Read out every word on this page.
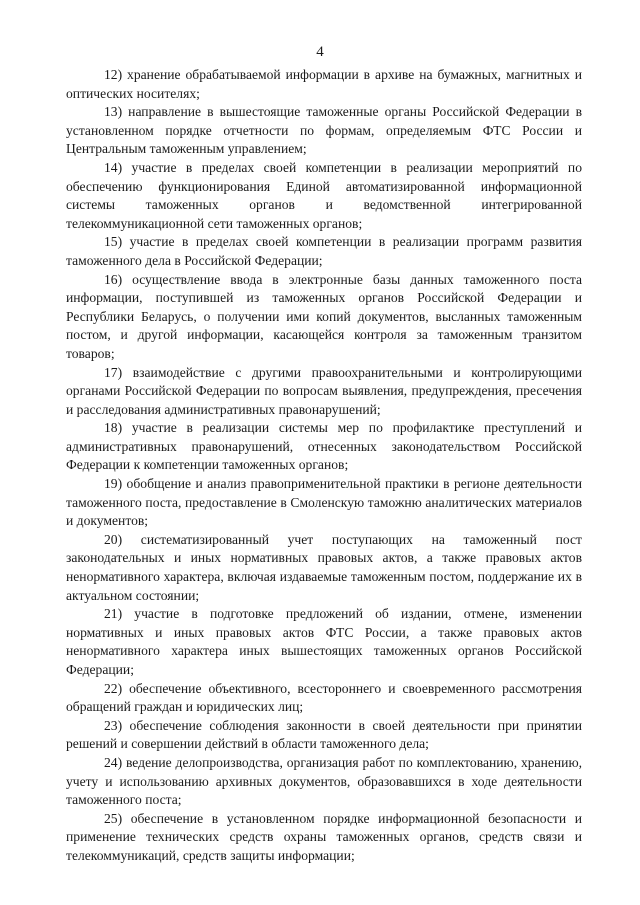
4

12) хранение обрабатываемой информации в архиве на бумажных, магнитных и оптических носителях;

13) направление в вышестоящие таможенные органы Российской Федерации в установленном порядке отчетности по формам, определяемым ФТС России и Центральным таможенным управлением;

14) участие в пределах своей компетенции в реализации мероприятий по обеспечению функционирования Единой автоматизированной информационной системы таможенных органов и ведомственной интегрированной телекоммуникационной сети таможенных органов;

15) участие в пределах своей компетенции в реализации программ развития таможенного дела в Российской Федерации;

16) осуществление ввода в электронные базы данных таможенного поста информации, поступившей из таможенных органов Российской Федерации и Республики Беларусь, о получении ими копий документов, высланных таможенным постом, и другой информации, касающейся контроля за таможенным транзитом товаров;

17) взаимодействие с другими правоохранительными и контролирующими органами Российской Федерации по вопросам выявления, предупреждения, пресечения и расследования административных правонарушений;

18) участие в реализации системы мер по профилактике преступлений и административных правонарушений, отнесенных законодательством Российской Федерации к компетенции таможенных органов;

19) обобщение и анализ правоприменительной практики в регионе деятельности таможенного поста, предоставление в Смоленскую таможню аналитических материалов и документов;

20) систематизированный учет поступающих на таможенный пост законодательных и иных нормативных правовых актов, а также правовых актов ненормативного характера, включая издаваемые таможенным постом, поддержание их в актуальном состоянии;

21) участие в подготовке предложений об издании, отмене, изменении нормативных и иных правовых актов ФТС России, а также правовых актов ненормативного характера иных вышестоящих таможенных органов Российской Федерации;

22) обеспечение объективного, всестороннего и своевременного рассмотрения обращений граждан и юридических лиц;

23) обеспечение соблюдения законности в своей деятельности при принятии решений и совершении действий в области таможенного дела;

24) ведение делопроизводства, организация работ по комплектованию, хранению, учету и использованию архивных документов, образовавшихся в ходе деятельности таможенного поста;

25) обеспечение в установленном порядке информационной безопасности и применение технических средств охраны таможенных органов, средств связи и телекоммуникаций, средств защиты информации;
